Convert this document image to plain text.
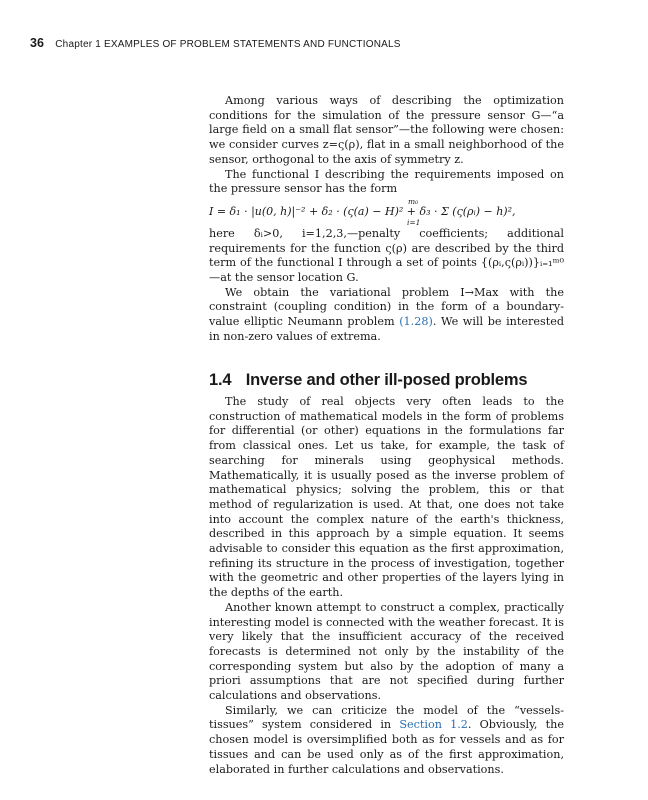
36 Chapter 1 EXAMPLES OF PROBLEM STATEMENTS AND FUNCTIONALS

Among various ways of describing the optimization conditions for the simulation of the pressure sensor G—“a large field on a small flat sensor”—the following were chosen: we consider curves z=ς(ρ), flat in a small neighborhood of the sensor, orthogonal to the axis of symmetry z.

The functional I describing the requirements imposed on the pressure sensor has the form

I = δ₁ · |u(0, h)|⁻² + δ₂ · (ς(a) − H)² + δ₃ · Σ (ς(ρᵢ) − h)²,
m₀
i=1

here δᵢ>0, i=1,2,3,—penalty coefficients; additional requirements for the function ς(ρ) are described by the third term of the functional I through a set of points {(ρᵢ,ς(ρᵢ))}ᵢ₌₁ᵐ⁰—at the sensor location G.

We obtain the variational problem I→Max with the constraint (coupling condition) in the form of a boundary-value elliptic Neumann problem (1.28). We will be interested in non-zero values of extrema.

1.4 Inverse and other ill-posed problems

The study of real objects very often leads to the construction of mathematical models in the form of problems for differential (or other) equations in the formulations far from classical ones. Let us take, for example, the task of searching for minerals using geophysical methods. Mathematically, it is usually posed as the inverse problem of mathematical physics; solving the problem, this or that method of regularization is used. At that, one does not take into account the complex nature of the earth's thickness, described in this approach by a simple equation. It seems advisable to consider this equation as the first approximation, refining its structure in the process of investigation, together with the geometric and other properties of the layers lying in the depths of the earth.

Another known attempt to construct a complex, practically interesting model is connected with the weather forecast. It is very likely that the insufficient accuracy of the received forecasts is determined not only by the instability of the corresponding system but also by the adoption of many a priori assumptions that are not specified during further calculations and observations.

Similarly, we can criticize the model of the “vessels-tissues” system considered in Section 1.2. Obviously, the chosen model is oversimplified both as for vessels and as for tissues and can be used only as of the first approximation, elaborated in further calculations and observations.
